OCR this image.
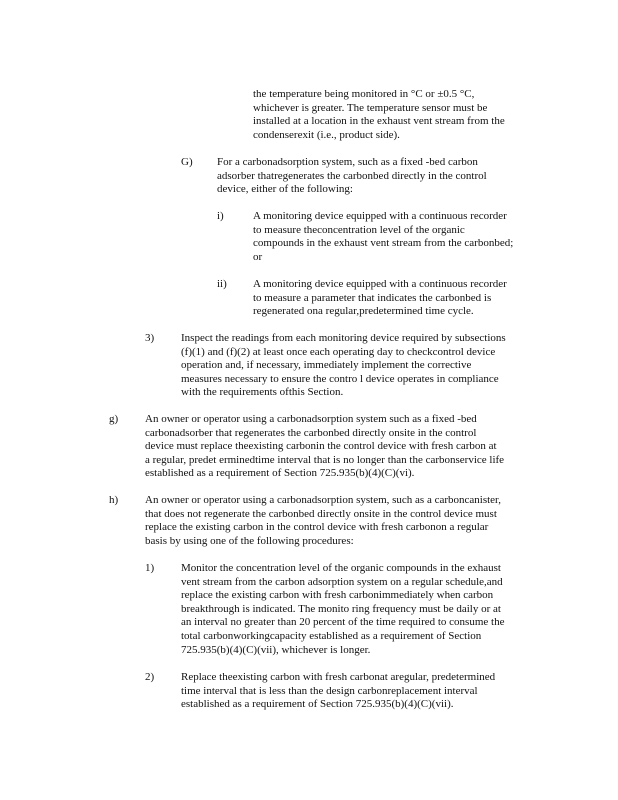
the temperature being monitored in °C or ±0.5 °C,
whichever is greater. The temperature sensor must be
installed at a location in the exhaust vent stream from the
condenserexit (i.e., product side).
G) For a carbonadsorption system, such as a fixed -bed carbon
adsorber thatregenerates the carbonbed directly in the control
device, either of the following:
i)	A monitoring device equipped with a continuous recorder
to measure theconcentration level of the organic
compounds in the exhaust vent stream from the carbonbed;
or
ii) A monitoring device equipped with a continuous recorder
to measure a parameter that indicates the carbonbed is
regenerated ona regular,predetermined time cycle.
3) Inspect the readings from each monitoring device required by subsections
(f)(1) and (f)(2) at least once each operating day to checkcontrol device
operation and, if necessary, immediately implement the corrective
measures necessary to ensure the contro l device operates in compliance
with the requirements ofthis Section.
g) An owner or operator using a carbonadsorption system such as a fixed -bed
carbonadsorber that regenerates the carbonbed directly onsite in the control
device must replace theexisting carbonin the control device with fresh carbon at
a regular, predet erminedtime interval that is no longer than the carbonservice life
established as a requirement of Section 725.935(b)(4)(C)(vi).
h) An owner or operator using a carbonadsorption system, such as a carboncanister,
that does not regenerate the carbonbed directly onsite in the control device must
replace the existing carbon in the control device with fresh carbonon a regular
basis by using one of the following procedures:
1) Monitor the concentration level of the organic compounds in the exhaust
vent stream from the carbon adsorption system on a regular schedule,and
replace the existing carbon with fresh carbonimmediately when carbon
breakthrough is indicated. The monito ring frequency must be daily or at
an interval no greater than 20 percent of the time required to consume the
total carbonworkingcapacity established as a requirement of Section
725.935(b)(4)(C)(vii), whichever is longer.
2) Replace theexisting carbon with fresh carbonat aregular, predetermined
time interval that is less than the design carbonreplacement interval
established as a requirement of Section 725.935(b)(4)(C)(vii).
